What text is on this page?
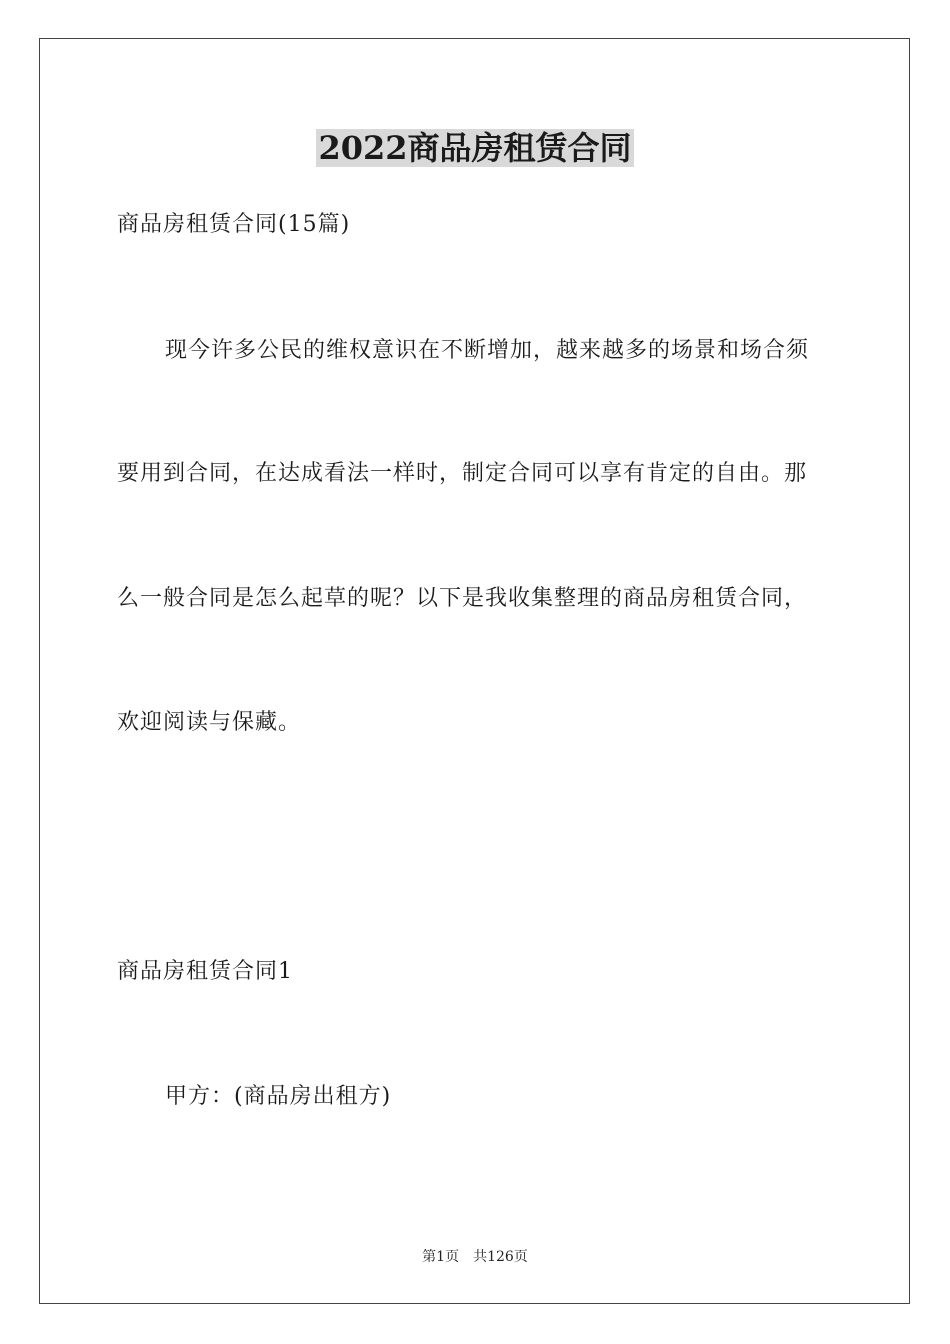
2022商品房租赁合同
商品房租赁合同(15篇)
现今许多公民的维权意识在不断增加，越来越多的场景和场合须
要用到合同，在达成看法一样时，制定合同可以享有肯定的自由。那
么一般合同是怎么起草的呢？以下是我收集整理的商品房租赁合同，
欢迎阅读与保藏。
商品房租赁合同1
甲方：(商品房出租方)
第1页 共126页
